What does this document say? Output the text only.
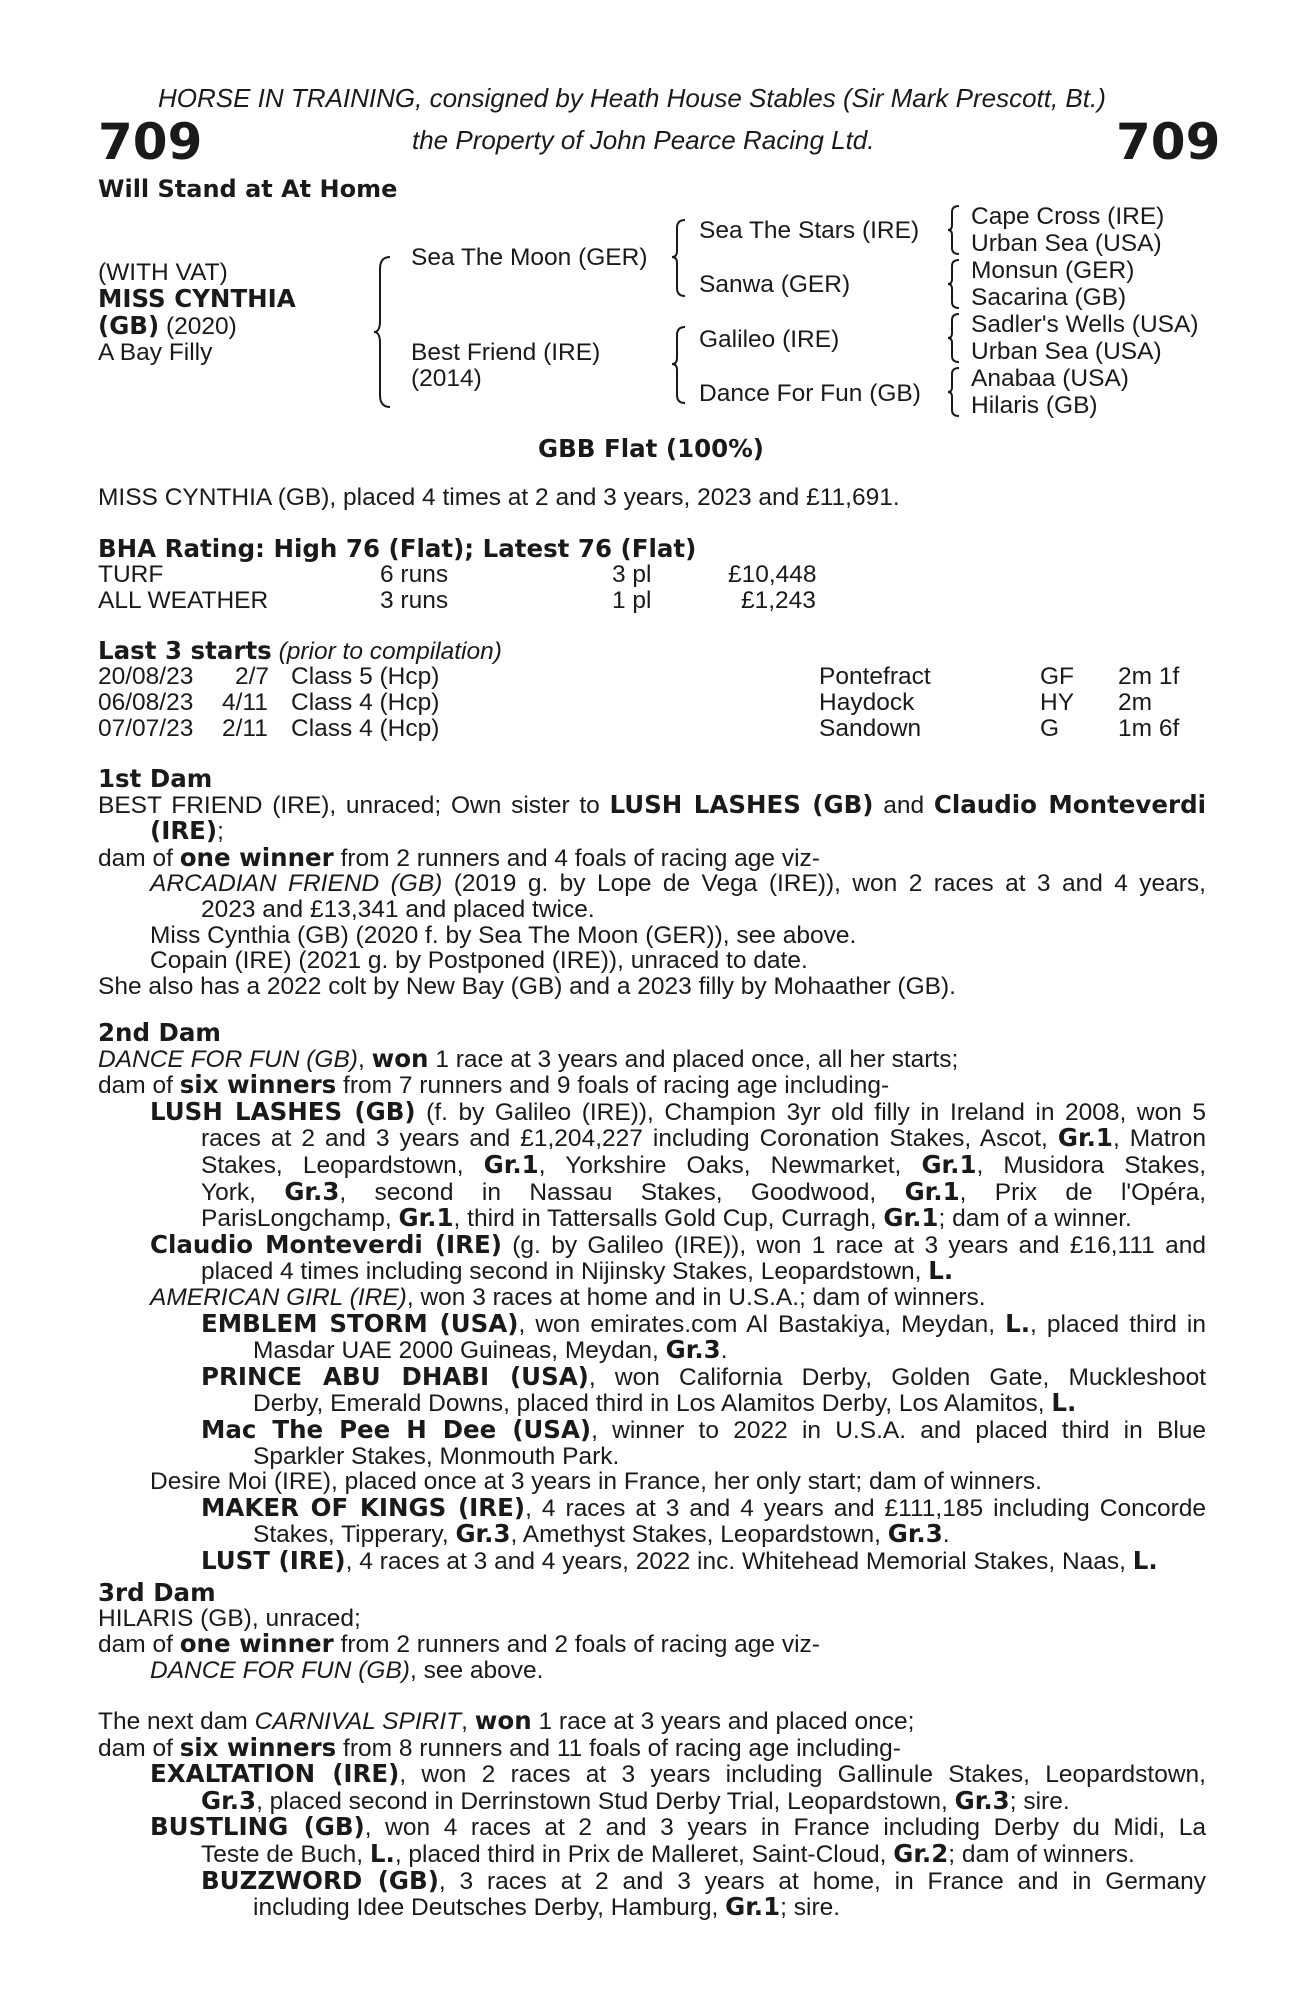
HORSE IN TRAINING, consigned by Heath House Stables (Sir Mark Prescott, Bt.)
709	the Property of John Pearce Racing Ltd.	709
Will Stand at At Home
(WITH VAT)
MISS CYNTHIA
(GB) (2020)
A Bay Filly
Sea The Moon (GER)
Best Friend (IRE)
(2014)
Sea The Stars (IRE)
Sanwa (GER)
Galileo (IRE)
Dance For Fun (GB)
Cape Cross (IRE)
Urban Sea (USA)
Monsun (GER)
Sacarina (GB)
Sadler's Wells (USA)
Urban Sea (USA)
Anabaa (USA)
Hilaris (GB)
GBB Flat (100%)
MISS CYNTHIA (GB), placed 4 times at 2 and 3 years, 2023 and £11,691.
BHA Rating: High 76 (Flat); Latest 76 (Flat)
TURF	6 runs	3 pl	£10,448
ALL WEATHER	3 runs	1 pl	£1,243
Last 3 starts (prior to compilation)
20/08/23 2/7 Class 5 (Hcp)	Pontefract	GF 2m 1f
06/08/23 4/11 Class 4 (Hcp)	Haydock	HY 2m
07/07/23 2/11 Class 4 (Hcp)	Sandown	G 1m 6f
1st Dam
BEST FRIEND (IRE), unraced; Own sister to LUSH LASHES (GB) and Claudio Monteverdi
(IRE);
dam of one winner from 2 runners and 4 foals of racing age viz-
ARCADIAN FRIEND (GB) (2019 g. by Lope de Vega (IRE)), won 2 races at 3 and 4 years,
2023 and £13,341 and placed twice.
Miss Cynthia (GB) (2020 f. by Sea The Moon (GER)), see above.
Copain (IRE) (2021 g. by Postponed (IRE)), unraced to date.
She also has a 2022 colt by New Bay (GB) and a 2023 filly by Mohaather (GB).
2nd Dam
DANCE FOR FUN (GB), won 1 race at 3 years and placed once, all her starts;
dam of six winners from 7 runners and 9 foals of racing age including-
LUSH LASHES (GB) (f. by Galileo (IRE)), Champion 3yr old filly in Ireland in 2008, won 5
races at 2 and 3 years and £1,204,227 including Coronation Stakes, Ascot, Gr.1, Matron
Stakes, Leopardstown, Gr.1, Yorkshire Oaks, Newmarket, Gr.1, Musidora Stakes,
York, Gr.3, second in Nassau Stakes, Goodwood, Gr.1, Prix de l'Opéra,
ParisLongchamp, Gr.1, third in Tattersalls Gold Cup, Curragh, Gr.1; dam of a winner.
Claudio Monteverdi (IRE) (g. by Galileo (IRE)), won 1 race at 3 years and £16,111 and
placed 4 times including second in Nijinsky Stakes, Leopardstown, L.
AMERICAN GIRL (IRE), won 3 races at home and in U.S.A.; dam of winners.
EMBLEM STORM (USA), won emirates.com Al Bastakiya, Meydan, L., placed third in
Masdar UAE 2000 Guineas, Meydan, Gr.3.
PRINCE ABU DHABI (USA), won California Derby, Golden Gate, Muckleshoot
Derby, Emerald Downs, placed third in Los Alamitos Derby, Los Alamitos, L.
Mac The Pee H Dee (USA), winner to 2022 in U.S.A. and placed third in Blue
Sparkler Stakes, Monmouth Park.
Desire Moi (IRE), placed once at 3 years in France, her only start; dam of winners.
MAKER OF KINGS (IRE), 4 races at 3 and 4 years and £111,185 including Concorde
Stakes, Tipperary, Gr.3, Amethyst Stakes, Leopardstown, Gr.3.
LUST (IRE), 4 races at 3 and 4 years, 2022 inc. Whitehead Memorial Stakes, Naas, L.
3rd Dam
HILARIS (GB), unraced;
dam of one winner from 2 runners and 2 foals of racing age viz-
DANCE FOR FUN (GB), see above.
The next dam CARNIVAL SPIRIT, won 1 race at 3 years and placed once;
dam of six winners from 8 runners and 11 foals of racing age including-
EXALTATION (IRE), won 2 races at 3 years including Gallinule Stakes, Leopardstown,
Gr.3, placed second in Derrinstown Stud Derby Trial, Leopardstown, Gr.3; sire.
BUSTLING (GB), won 4 races at 2 and 3 years in France including Derby du Midi, La
Teste de Buch, L., placed third in Prix de Malleret, Saint-Cloud, Gr.2; dam of winners.
BUZZWORD (GB), 3 races at 2 and 3 years at home, in France and in Germany
including Idee Deutsches Derby, Hamburg, Gr.1; sire.
